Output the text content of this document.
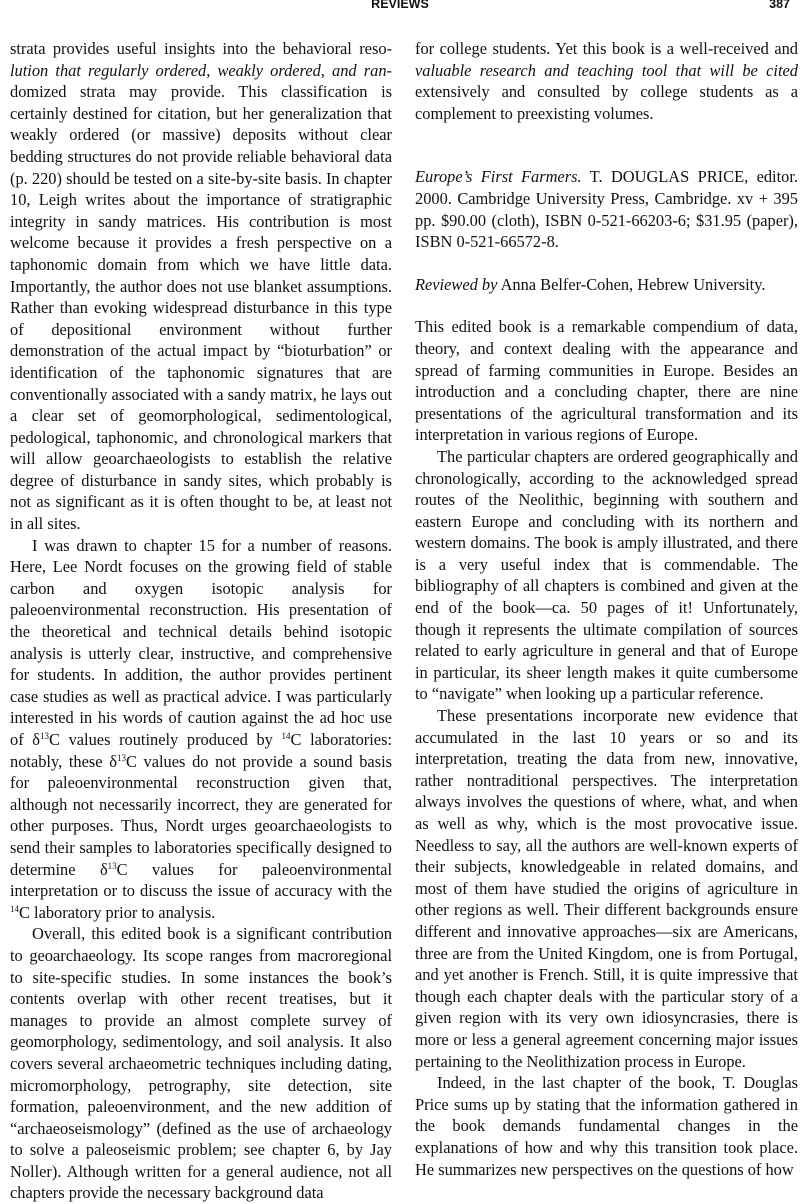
REVIEWS	387

strata provides useful insights into the behavioral reso- lution that regularly ordered, weakly ordered, and ran- domized strata may provide. This classification is certainly destined for citation, but her generalization that weakly ordered (or massive) deposits without clear bedding structures do not provide reliable behavioral data (p. 220) should be tested on a site-by-site basis. In chapter 10, Leigh writes about the importance of stratigraphic integrity in sandy matrices. His contribution is most welcome because it provides a fresh perspective on a taphonomic domain from which we have little data. Importantly, the author does not use blanket assumptions. Rather than evoking widespread disturbance in this type of depositional environment without further demonstration of the actual impact by “bioturbation” or identification of the taphonomic signatures that are conventionally associated with a sandy matrix, he lays out a clear set of geomorphological, sedimentological, pedological, taphonomic, and chronological markers that will allow geoarchaeologists to establish the relative degree of disturbance in sandy sites, which probably is not as significant as it is often thought to be, at least not in all sites.

I was drawn to chapter 15 for a number of reasons. Here, Lee Nordt focuses on the growing field of stable carbon and oxygen isotopic analysis for paleoenvironmental reconstruction. His presentation of the theoretical and technical details behind isotopic analysis is utterly clear, instructive, and comprehensive for students. In addition, the author provides pertinent case studies as well as practical advice. I was particularly interested in his words of caution against the ad hoc use of $\delta^{13}C$ values routinely produced by $^{14}$C laboratories: notably, these $\delta^{13}C$ values do not provide a sound basis for paleoenvironmental reconstruction given that, although not necessarily incorrect, they are generated for other purposes. Thus, Nordt urges geoarchaeologists to send their samples to laboratories specifically designed to determine $\delta^{13}C$ values for paleoenvironmental interpretation or to discuss the issue of accuracy with the $^{14}$C laboratory prior to analysis.

Overall, this edited book is a significant contribution to geoarchaeology. Its scope ranges from macroregional to site-specific studies. In some instances the book’s contents overlap with other recent treatises, but it manages to provide an almost complete survey of geomorphology, sedimentology, and soil analysis. It also covers several archaeometric techniques including dating, micromorphology, petrography, site detection, site formation, paleoenvironment, and the new addition of “archaeoseismology” (defined as the use of archaeology to solve a paleoseismic problem; see chapter 6, by Jay Noller). Although written for a general audience, not all chapters provide the necessary background data

for college students. Yet this book is a well-received and valuable research and teaching tool that will be cited extensively and consulted by college students as a complement to preexisting volumes.

Europe’s First Farmers. T. DOUGLAS PRICE, editor. 2000. Cambridge University Press, Cambridge. xv + 395 pp. $90.00 (cloth), ISBN 0-521-66203-6; $31.95 (paper), ISBN 0-521-66572-8.

Reviewed by Anna Belfer-Cohen, Hebrew University.

This edited book is a remarkable compendium of data, theory, and context dealing with the appearance and spread of farming communities in Europe. Besides an introduction and a concluding chapter, there are nine presentations of the agricultural transformation and its interpretation in various regions of Europe.

The particular chapters are ordered geographically and chronologically, according to the acknowledged spread routes of the Neolithic, beginning with southern and eastern Europe and concluding with its northern and western domains. The book is amply illustrated, and there is a very useful index that is commendable. The bibliography of all chapters is combined and given at the end of the book—ca. 50 pages of it! Unfortunately, though it represents the ultimate compilation of sources related to early agriculture in general and that of Europe in particular, its sheer length makes it quite cumbersome to “navigate” when looking up a particular reference.

These presentations incorporate new evidence that accumulated in the last 10 years or so and its interpretation, treating the data from new, innovative, rather nontraditional perspectives. The interpretation always involves the questions of where, what, and when as well as why, which is the most provocative issue. Needless to say, all the authors are well-known experts of their subjects, knowledgeable in related domains, and most of them have studied the origins of agriculture in other regions as well. Their different backgrounds ensure different and innovative approaches—six are Americans, three are from the United Kingdom, one is from Portugal, and yet another is French. Still, it is quite impressive that though each chapter deals with the particular story of a given region with its very own idiosyncrasies, there is more or less a general agreement concerning major issues pertaining to the Neolithization process in Europe.

Indeed, in the last chapter of the book, T. Douglas Price sums up by stating that the information gathered in the book demands fundamental changes in the explanations of how and why this transition took place. He summarizes new perspectives on the questions of how
